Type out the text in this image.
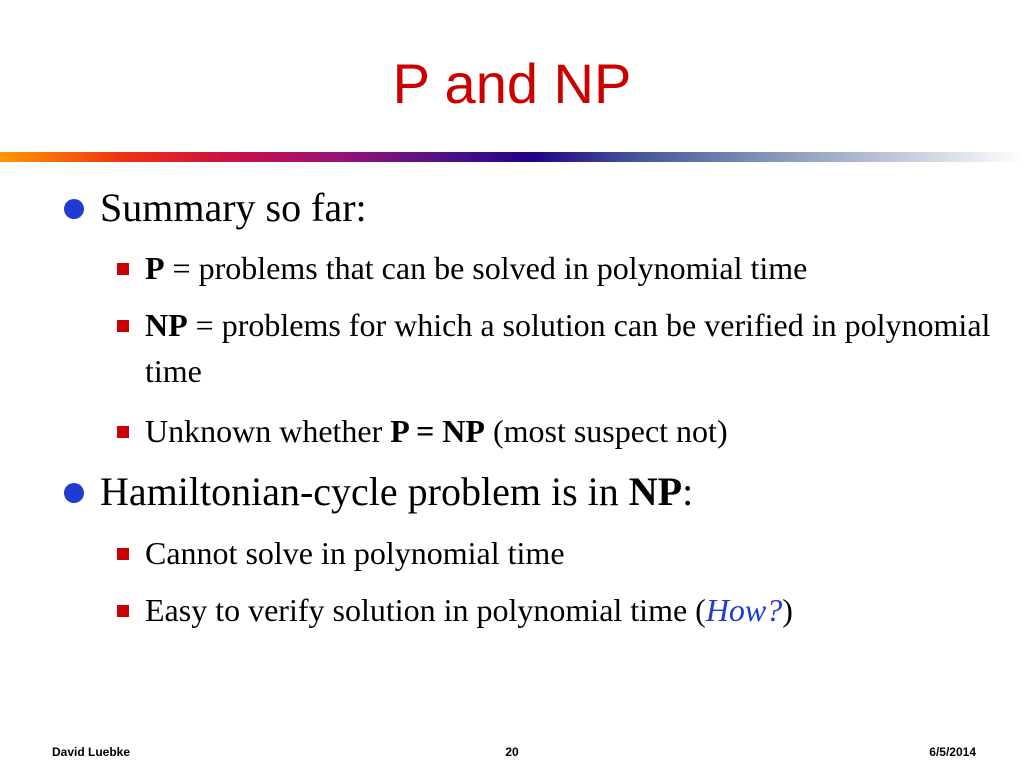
P and NP
Summary so far:
P = problems that can be solved in polynomial time
NP = problems for which a solution can be verified in polynomial time
Unknown whether P = NP (most suspect not)
Hamiltonian-cycle problem is in NP:
Cannot solve in polynomial time
Easy to verify solution in polynomial time (How?)
David Luebke	20	6/5/2014
